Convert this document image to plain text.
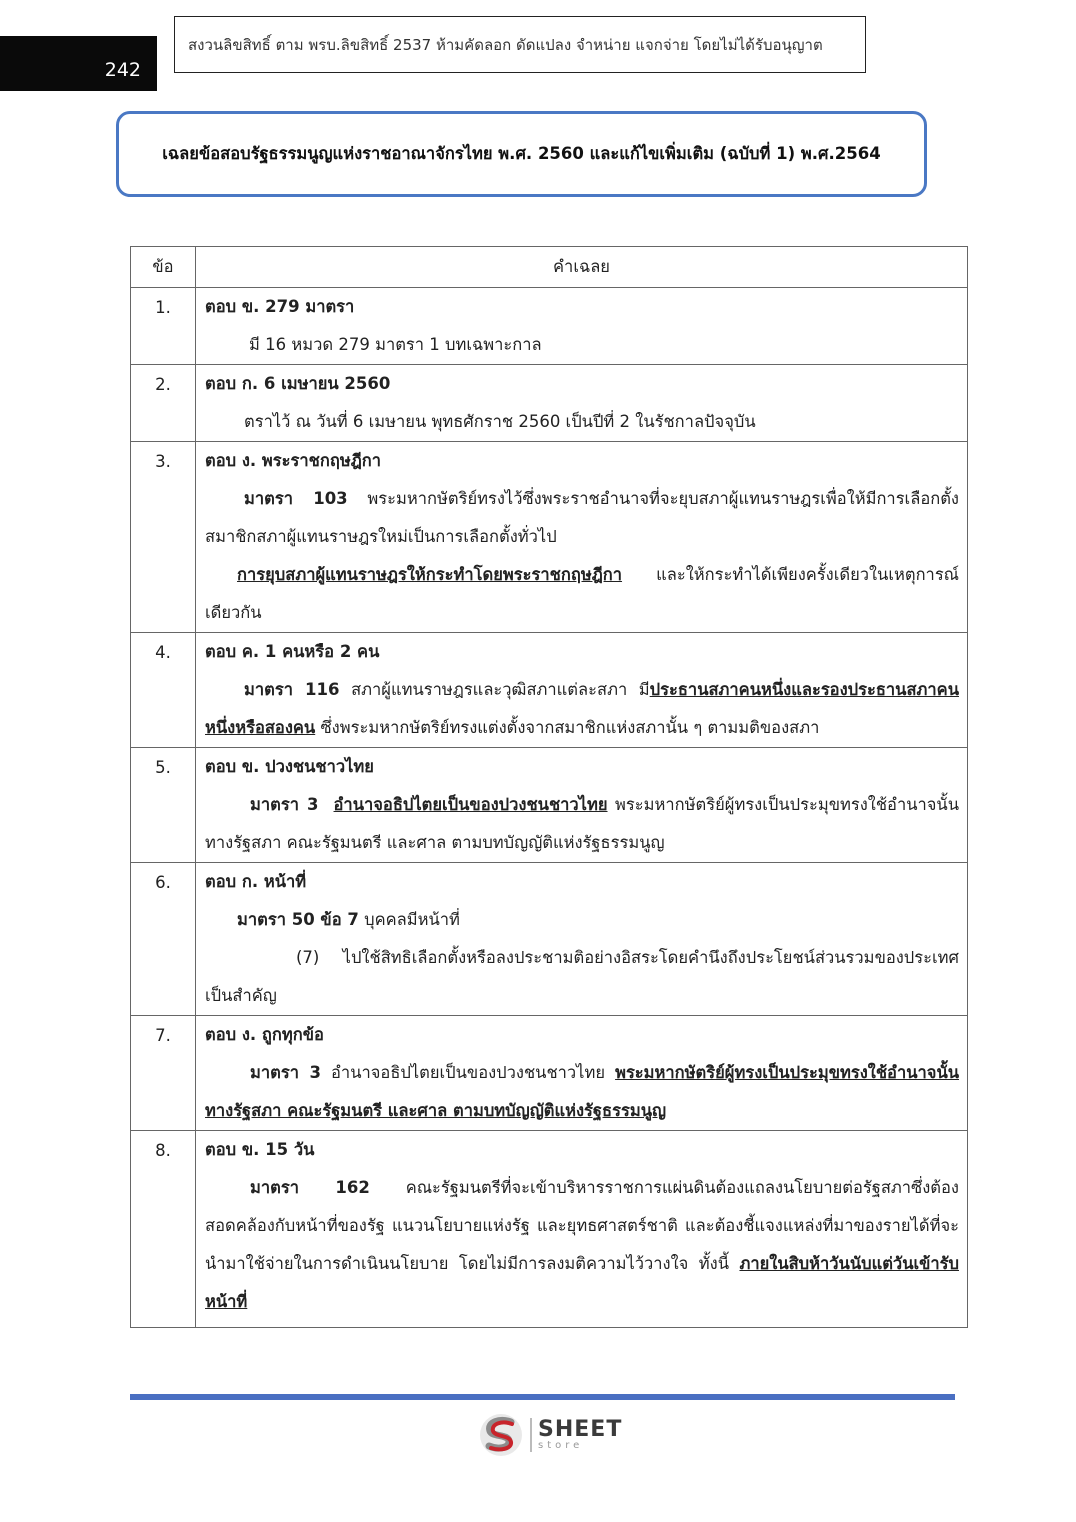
242
สงวนลิขสิทธิ์ ตาม พรบ.ลิขสิทธิ์ 2537 ห้ามคัดลอก ดัดแปลง จำหน่าย แจกจ่าย โดยไม่ได้รับอนุญาต
เฉลยข้อสอบรัฐธรรมนูญแห่งราชอาณาจักรไทย พ.ศ. 2560 และแก้ไขเพิ่มเติม (ฉบับที่ 1) พ.ศ.2564
ข้อ	คำเฉลย
1.	ตอบ ข. 279 มาตรา
มี 16 หมวด 279 มาตรา 1 บทเฉพาะกาล

2.	ตอบ ก. 6 เมษายน 2560
ตราไว้ ณ วันที่ 6 เมษายน พุทธศักราช 2560 เป็นปีที่ 2 ในรัชกาลปัจจุบัน

3.	ตอบ ง. พระราชกฤษฎีกา
มาตรา 103 พระมหากษัตริย์ทรงไว้ซึ่งพระราชอำนาจที่จะยุบสภาผู้แทนราษฎรเพื่อให้มีการเลือกตั้งสมาชิกสภาผู้แทนราษฎรใหม่เป็นการเลือกตั้งทั่วไป
การยุบสภาผู้แทนราษฎรให้กระทำโดยพระราชกฤษฎีกา และให้กระทำได้เพียงครั้งเดียวในเหตุการณ์เดียวกัน

4.	ตอบ ค. 1 คนหรือ 2 คน
มาตรา 116 สภาผู้แทนราษฎรและวุฒิสภาแต่ละสภา มีประธานสภาคนหนึ่งและรองประธานสภาคนหนึ่งหรือสองคน ซึ่งพระมหากษัตริย์ทรงแต่งตั้งจากสมาชิกแห่งสภานั้น ๆ ตามมติของสภา

5.	ตอบ ข. ปวงชนชาวไทย
มาตรา 3 อำนาจอธิปไตยเป็นของปวงชนชาวไทย พระมหากษัตริย์ผู้ทรงเป็นประมุขทรงใช้อำนาจนั้นทางรัฐสภา คณะรัฐมนตรี และศาล ตามบทบัญญัติแห่งรัฐธรรมนูญ

6.	ตอบ ก. หน้าที่
มาตรา 50 ข้อ 7 บุคคลมีหน้าที่
(7) ไปใช้สิทธิเลือกตั้งหรือลงประชามติอย่างอิสระโดยคำนึงถึงประโยชน์ส่วนรวมของประเทศเป็นสำคัญ

7.	ตอบ ง. ถูกทุกข้อ
มาตรา 3 อำนาจอธิปไตยเป็นของปวงชนชาวไทย พระมหากษัตริย์ผู้ทรงเป็นประมุขทรงใช้อำนาจนั้นทางรัฐสภา คณะรัฐมนตรี และศาล ตามบทบัญญัติแห่งรัฐธรรมนูญ

8.	ตอบ ข. 15 วัน
มาตรา 162 คณะรัฐมนตรีที่จะเข้าบริหารราชการแผ่นดินต้องแถลงนโยบายต่อรัฐสภาซึ่งต้องสอดคล้องกับหน้าที่ของรัฐ แนวนโยบายแห่งรัฐ และยุทธศาสตร์ชาติ และต้องชี้แจงแหล่งที่มาของรายได้ที่จะนำมาใช้จ่ายในการดำเนินนโยบาย โดยไม่มีการลงมติความไว้วางใจ ทั้งนี้ ภายในสิบห้าวันนับแต่วันเข้ารับหน้าที่
SHEET
store
